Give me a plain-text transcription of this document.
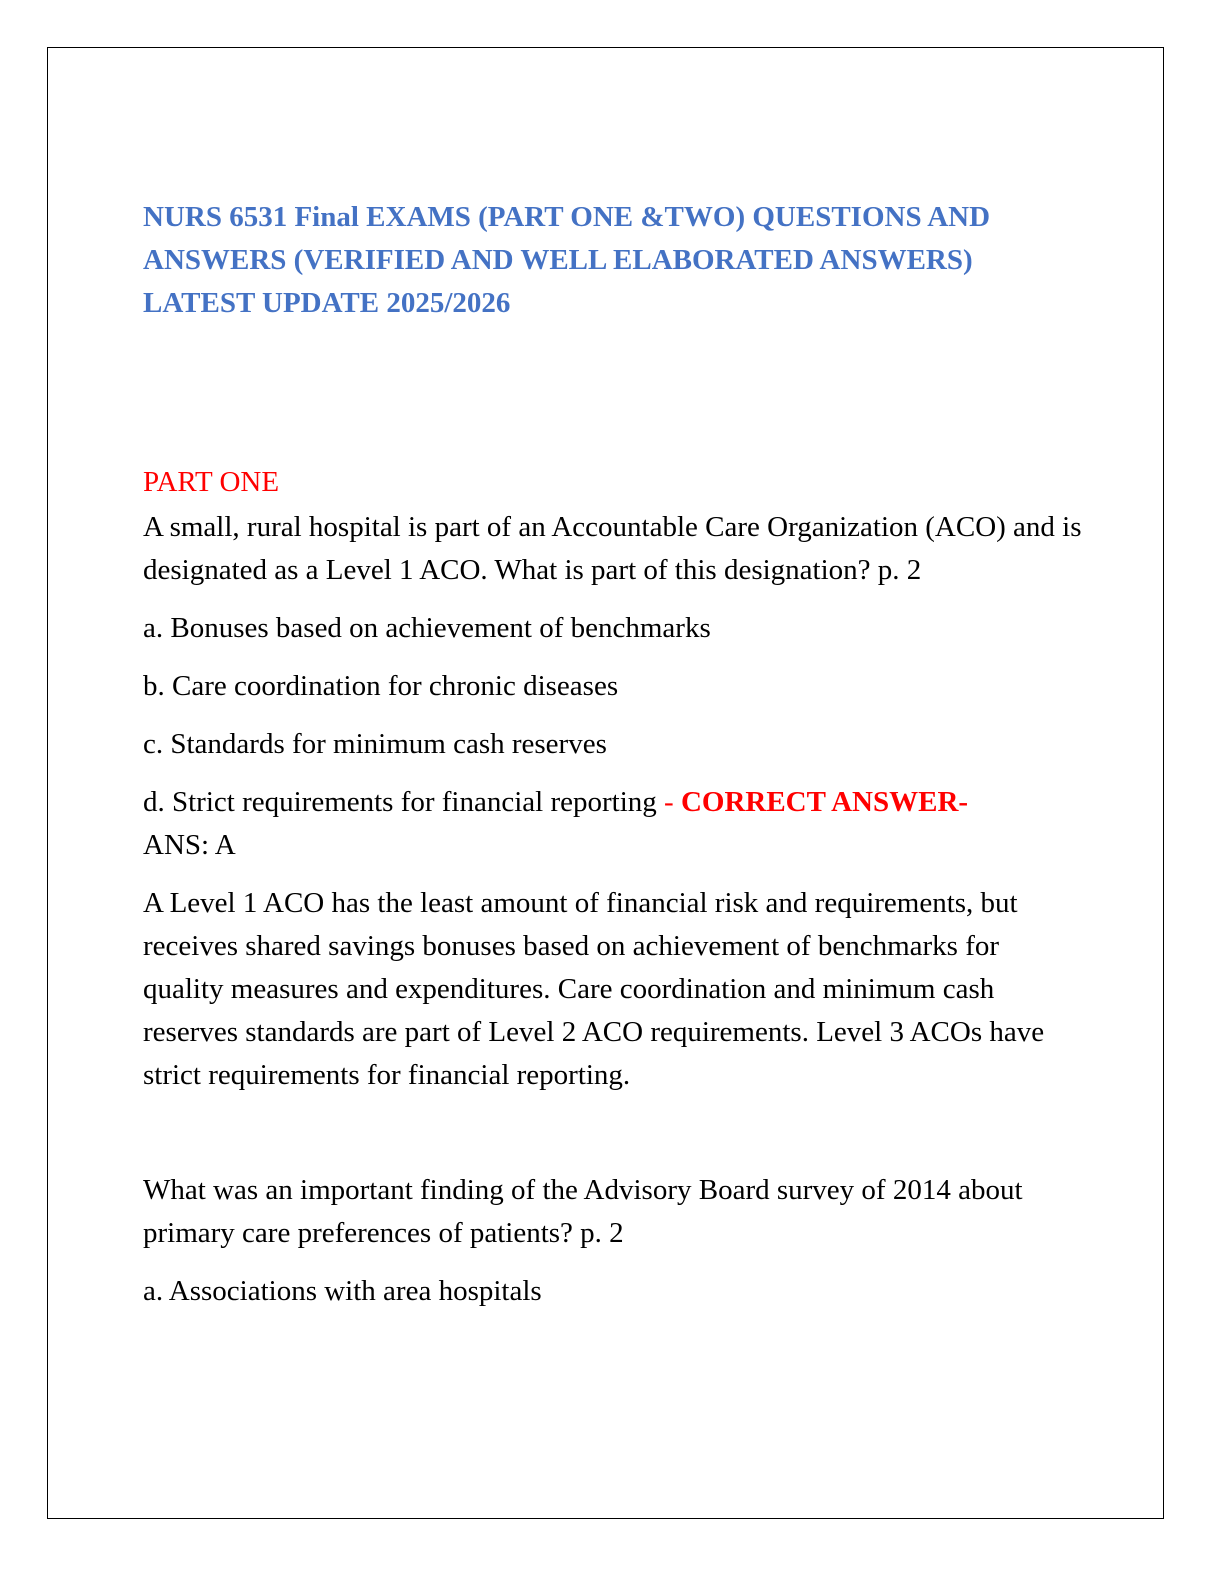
NURS 6531 Final EXAMS (PART ONE &TWO) QUESTIONS AND ANSWERS (VERIFIED AND WELL ELABORATED ANSWERS) LATEST UPDATE 2025/2026
PART ONE

A small, rural hospital is part of an Accountable Care Organization (ACO) and is designated as a Level 1 ACO. What is part of this designation? p. 2

a. Bonuses based on achievement of benchmarks

b. Care coordination for chronic diseases

c. Standards for minimum cash reserves

d. Strict requirements for financial reporting - CORRECT ANSWER-
ANS: A

A Level 1 ACO has the least amount of financial risk and requirements, but receives shared savings bonuses based on achievement of benchmarks for quality measures and expenditures. Care coordination and minimum cash reserves standards are part of Level 2 ACO requirements. Level 3 ACOs have strict requirements for financial reporting.

What was an important finding of the Advisory Board survey of 2014 about primary care preferences of patients? p. 2

a. Associations with area hospitals
